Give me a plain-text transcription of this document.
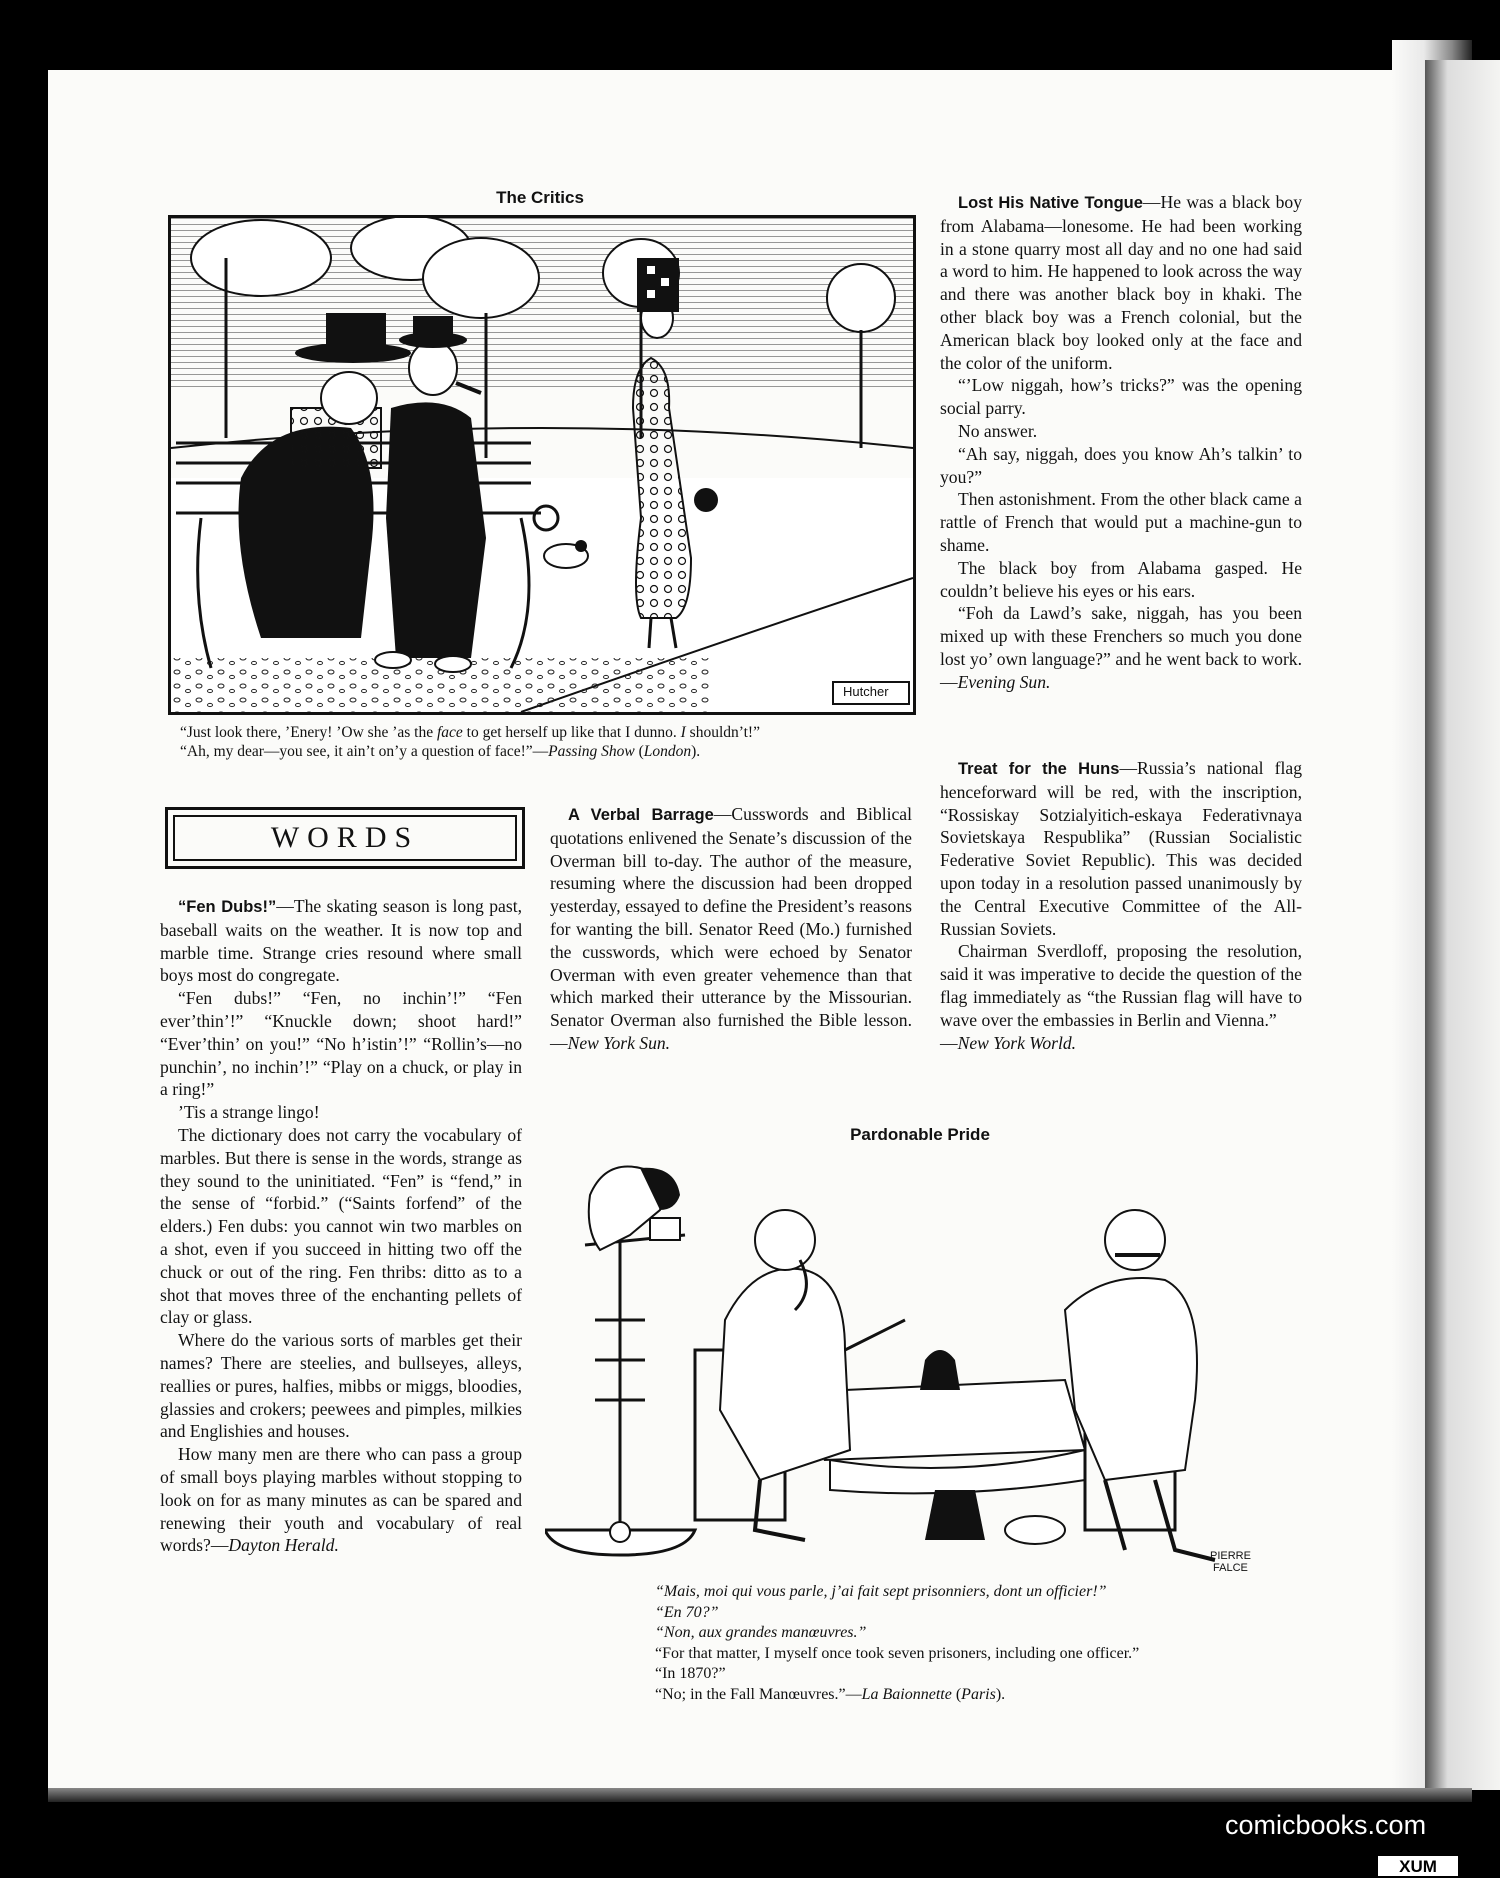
The Critics
Hutcher

“Just look there, ’Enery! ’Ow she ’as the face to get herself up like that I dunno. I shouldn’t!”

“Ah, my dear—you see, it ain’t on’y a question of face!”—Passing Show (London).

Lost His Native Tongue—He was a black boy from Alabama—lonesome. He had been working in a stone quarry most all day and no one had said a word to him. He happened to look across the way and there was another black boy in khaki. The other black boy was a French colonial, but the American black boy looked only at the face and the color of the uniform.

“’Low niggah, how’s tricks?” was the opening social parry.

No answer.

“Ah say, niggah, does you know Ah’s talkin’ to you?”

Then astonishment. From the other black came a rattle of French that would put a machine-gun to shame.

The black boy from Alabama gasped. He couldn’t believe his eyes or his ears.

“Foh da Lawd’s sake, niggah, has you been mixed up with these Frenchers so much you done lost yo’ own language?” and he went back to work.—Evening Sun.

Treat for the Huns—Russia’s national flag henceforward will be red, with the inscription, “Rossiskay Sotzialyitich-eskaya Federativnaya Sovietskaya Respublika” (Russian Socialistic Federative Soviet Republic). This was decided upon today in a resolution passed unanimously by the Central Executive Committee of the All-Russian Soviets.

Chairman Sverdloff, proposing the resolution, said it was imperative to decide the question of the flag immediately as “the Russian flag will have to wave over the embassies in Berlin and Vienna.”

—New York World.

WORDS

“Fen Dubs!”—The skating season is long past, baseball waits on the weather. It is now top and marble time. Strange cries resound where small boys most do congregate.

“Fen dubs!” “Fen, no inchin’!” “Fen ever’thin’!” “Knuckle down; shoot hard!” “Ever’thin’ on you!” “No h’istin’!” “Rollin’s—no punchin’, no inchin’!” “Play on a chuck, or play in a ring!”

’Tis a strange lingo!

The dictionary does not carry the vocabulary of marbles. But there is sense in the words, strange as they sound to the uninitiated. “Fen” is “fend,” in the sense of “forbid.” (“Saints forfend” of the elders.) Fen dubs: you cannot win two marbles on a shot, even if you succeed in hitting two off the chuck or out of the ring. Fen thribs: ditto as to a shot that moves three of the enchanting pellets of clay or glass.

Where do the various sorts of marbles get their names? There are steelies, and bullseyes, alleys, reallies or pures, halfies, mibbs or miggs, bloodies, glassies and crokers; peewees and pimples, milkies and Englishies and houses.

How many men are there who can pass a group of small boys playing marbles without stopping to look on for as many minutes as can be spared and renewing their youth and vocabulary of real words?—Dayton Herald.

A Verbal Barrage—Cusswords and Biblical quotations enlivened the Senate’s discussion of the Overman bill to-day. The author of the measure, resuming where the discussion had been dropped yesterday, essayed to define the President’s reasons for wanting the bill. Senator Reed (Mo.) furnished the cusswords, which were echoed by Senator Overman with even greater vehemence than that which marked their utterance by the Missourian. Senator Overman also furnished the Bible lesson.—New York Sun.

Pardonable Pride
PIERRE
FALCE

“Mais, moi qui vous parle, j’ai fait sept prisonniers, dont un officier!”

“En 70?”

“Non, aux grandes manœuvres.”

“For that matter, I myself once took seven prisoners, including one officer.”

“In 1870?”

“No; in the Fall Manœuvres.”—La Baionnette (Paris).

comicbooks.com
XUM
